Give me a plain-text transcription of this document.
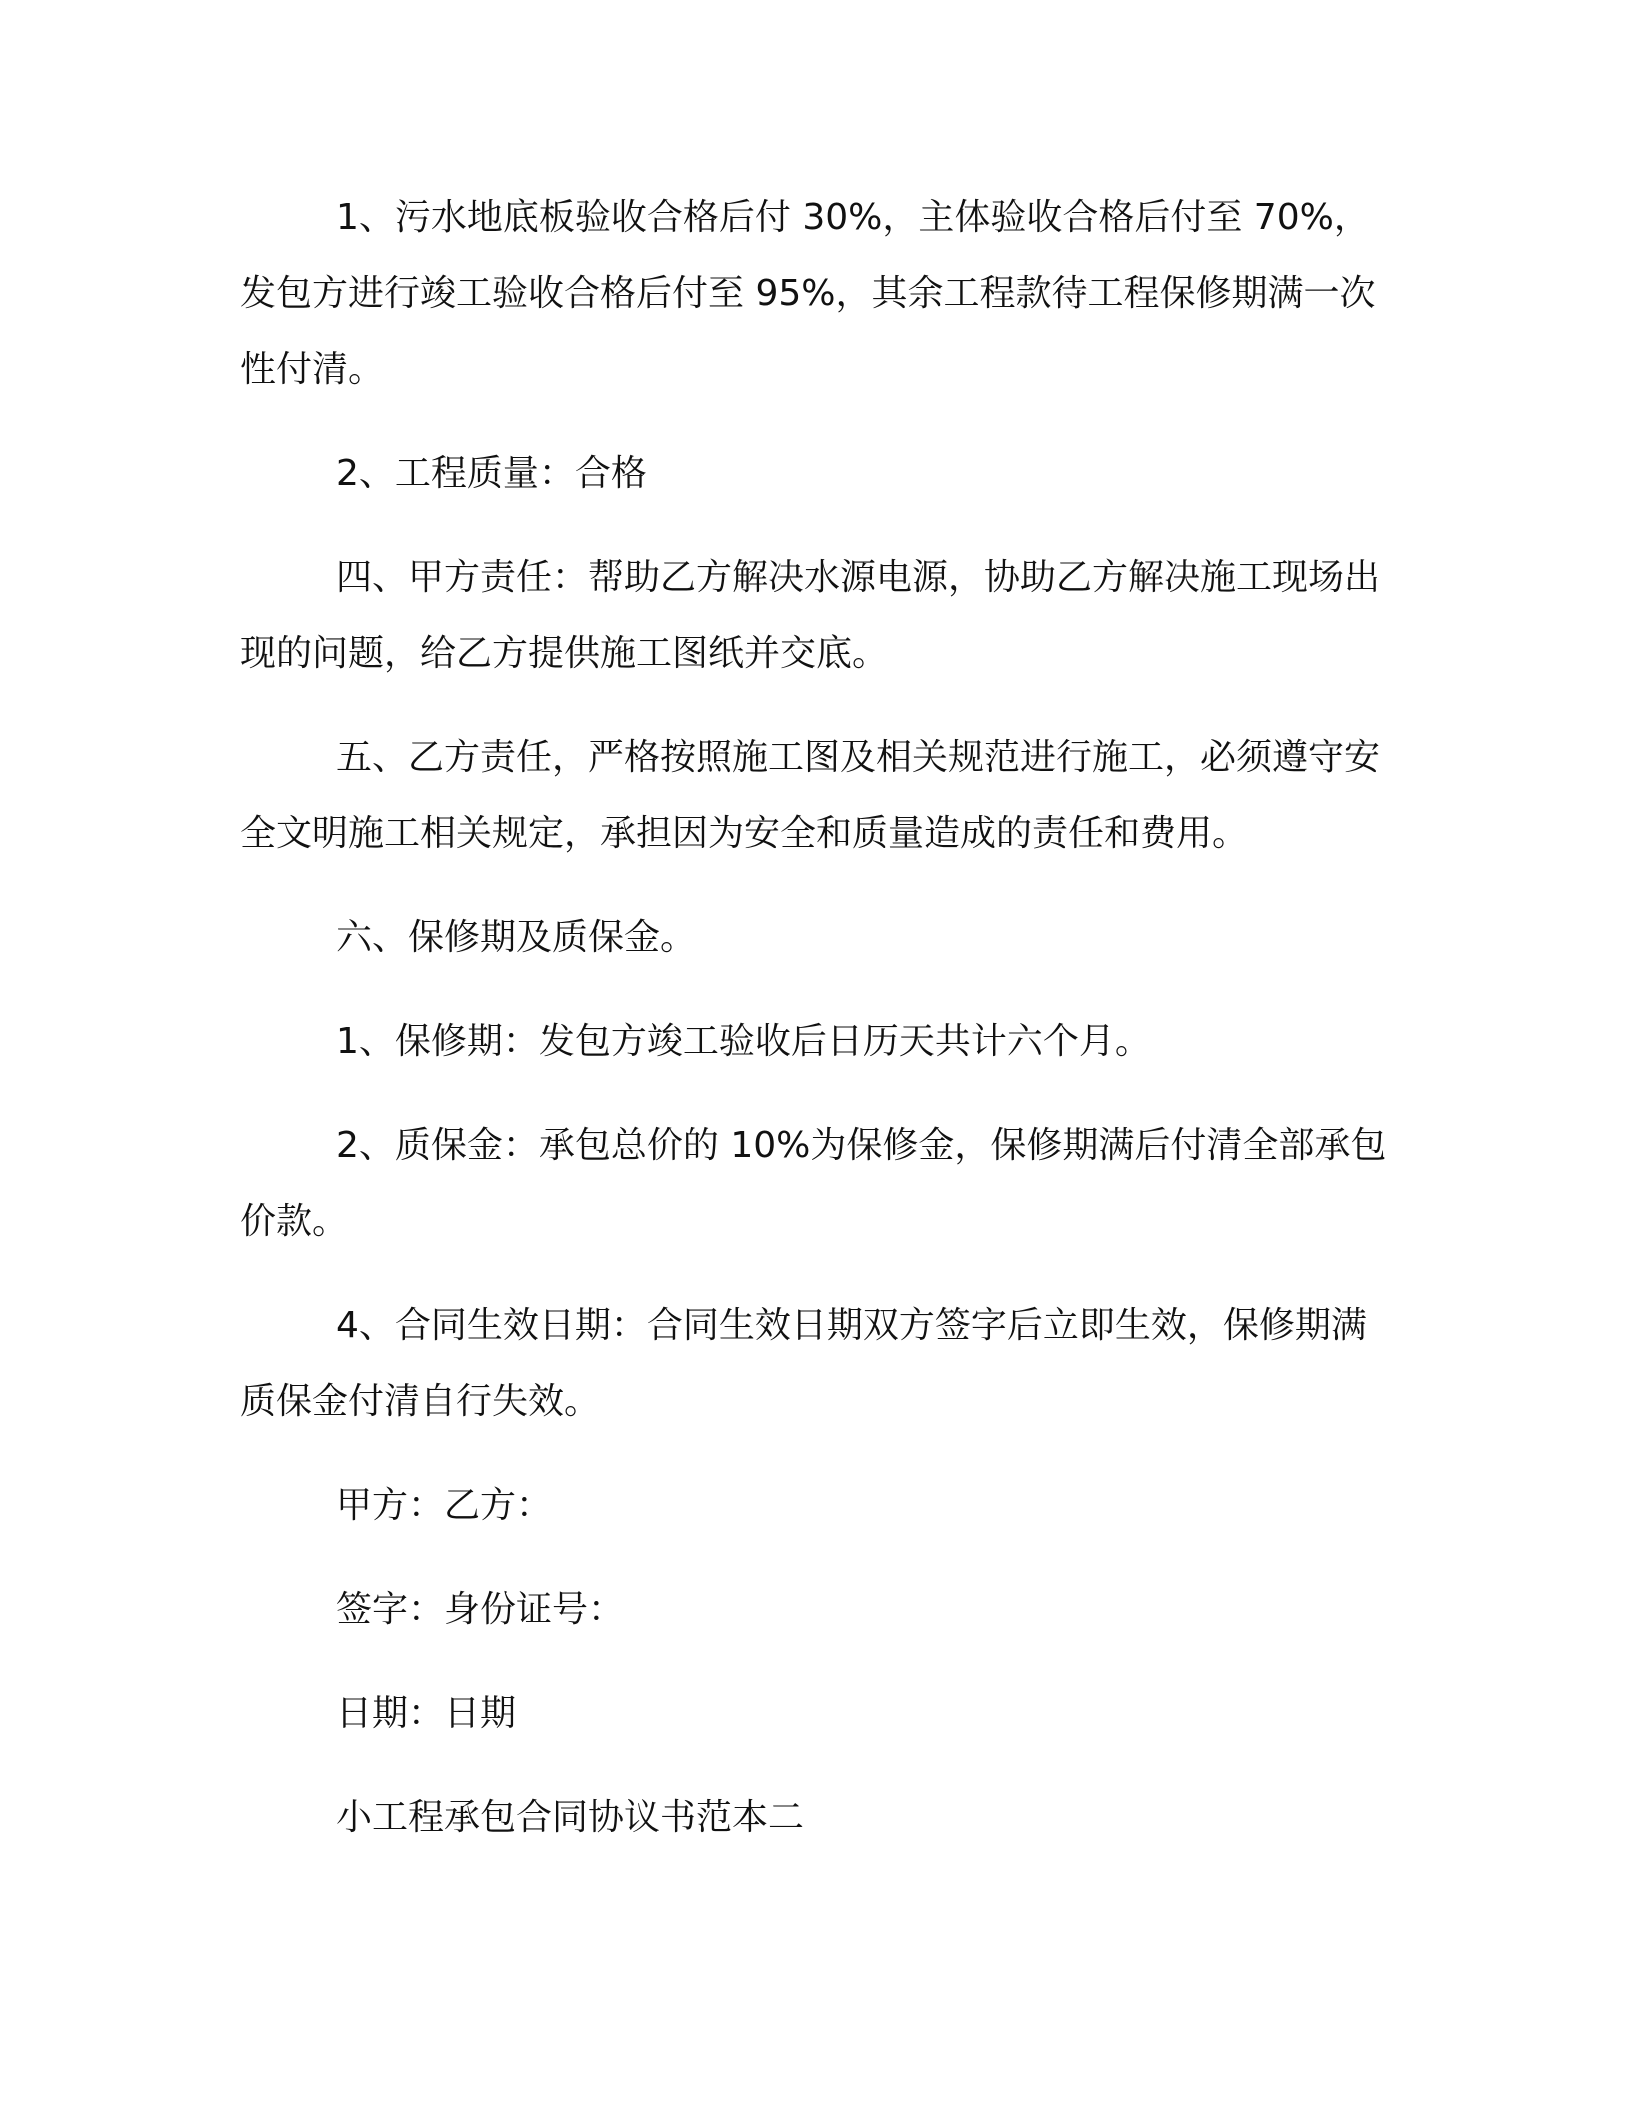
1、污水地底板验收合格后付 30%，主体验收合格后付至 70%，发包方进行竣工验收合格后付至 95%，其余工程款待工程保修期满一次性付清。

2、工程质量：合格

四、甲方责任：帮助乙方解决水源电源，协助乙方解决施工现场出现的问题，给乙方提供施工图纸并交底。

五、乙方责任，严格按照施工图及相关规范进行施工，必须遵守安全文明施工相关规定，承担因为安全和质量造成的责任和费用。

六、保修期及质保金。

1、保修期：发包方竣工验收后日历天共计六个月。

2、质保金：承包总价的 10%为保修金，保修期满后付清全部承包价款。

4、合同生效日期：合同生效日期双方签字后立即生效，保修期满质保金付清自行失效。

甲方：乙方：

签字：身份证号：

日期：日期

小工程承包合同协议书范本二
